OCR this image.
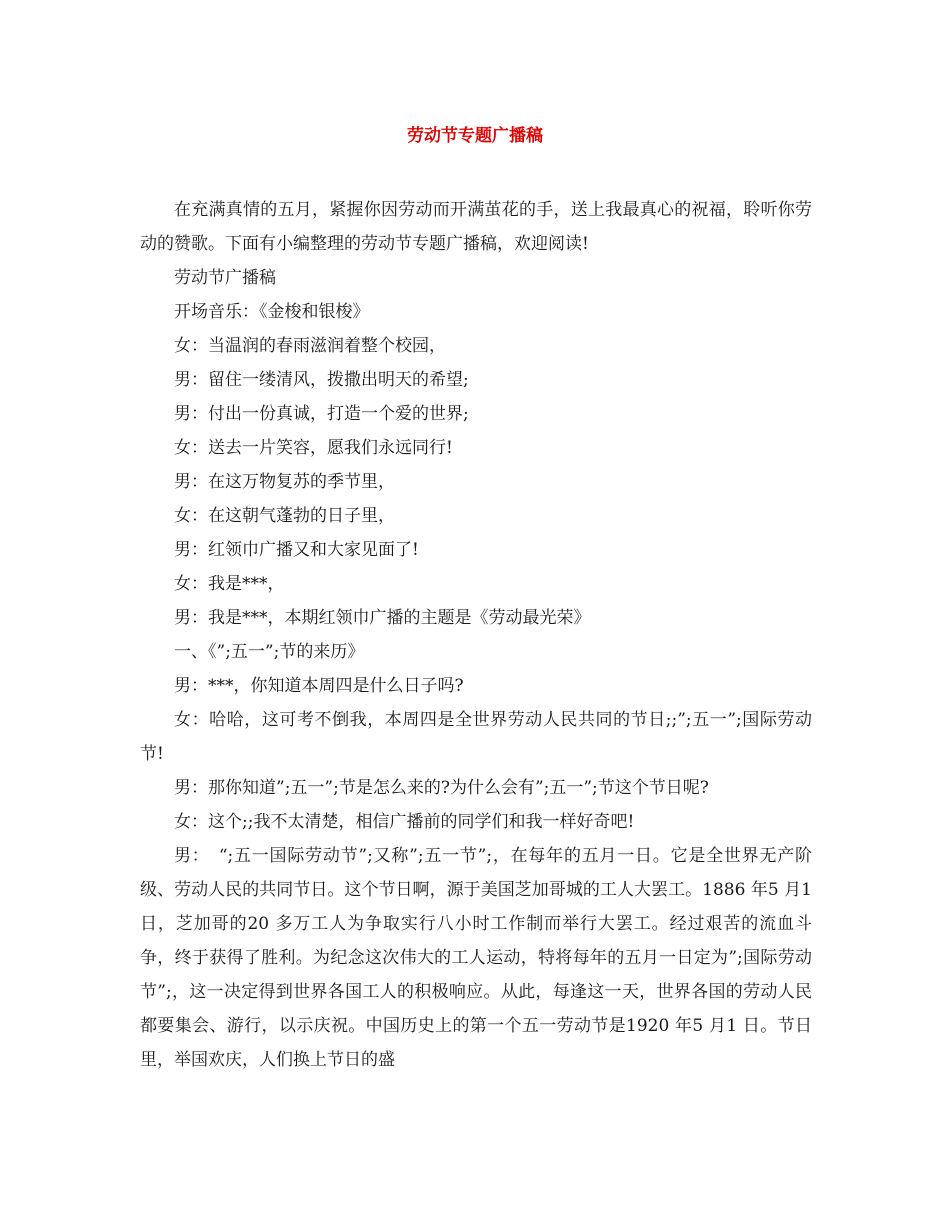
劳动节专题广播稿

在充满真情的五月，紧握你因劳动而开满茧花的手，送上我最真心的祝福，聆听你劳动的赞歌。下面有小编整理的劳动节专题广播稿，欢迎阅读!

劳动节广播稿

开场音乐：《金梭和银梭》

女：当温润的春雨滋润着整个校园，

男：留住一缕清风，拨撒出明天的希望;

男：付出一份真诚，打造一个爱的世界;

女：送去一片笑容，愿我们永远同行!

男：在这万物复苏的季节里，

女：在这朝气蓬勃的日子里，

男：红领巾广播又和大家见面了!

女：我是***，

男：我是***，本期红领巾广播的主题是《劳动最光荣》

一、《”;五一”;节的来历》

男：***，你知道本周四是什么日子吗?

女：哈哈，这可考不倒我，本周四是全世界劳动人民共同的节日;;”;五一”;国际劳动节!

男：那你知道”;五一”;节是怎么来的?为什么会有”;五一”;节这个节日呢?

女：这个;;我不太清楚，相信广播前的同学们和我一样好奇吧!

男：　“;五一国际劳动节”;又称”;五一节”;，在每年的五月一日。它是全世界无产阶级、劳动人民的共同节日。这个节日啊，源于美国芝加哥城的工人大罢工。1886 年5 月1 日，芝加哥的20 多万工人为争取实行八小时工作制而举行大罢工。经过艰苦的流血斗争，终于获得了胜利。为纪念这次伟大的工人运动，特将每年的五月一日定为”;国际劳动节”;，这一决定得到世界各国工人的积极响应。从此，每逢这一天，世界各国的劳动人民都要集会、游行，以示庆祝。中国历史上的第一个五一劳动节是1920 年5 月1 日。节日里，举国欢庆，人们换上节日的盛
